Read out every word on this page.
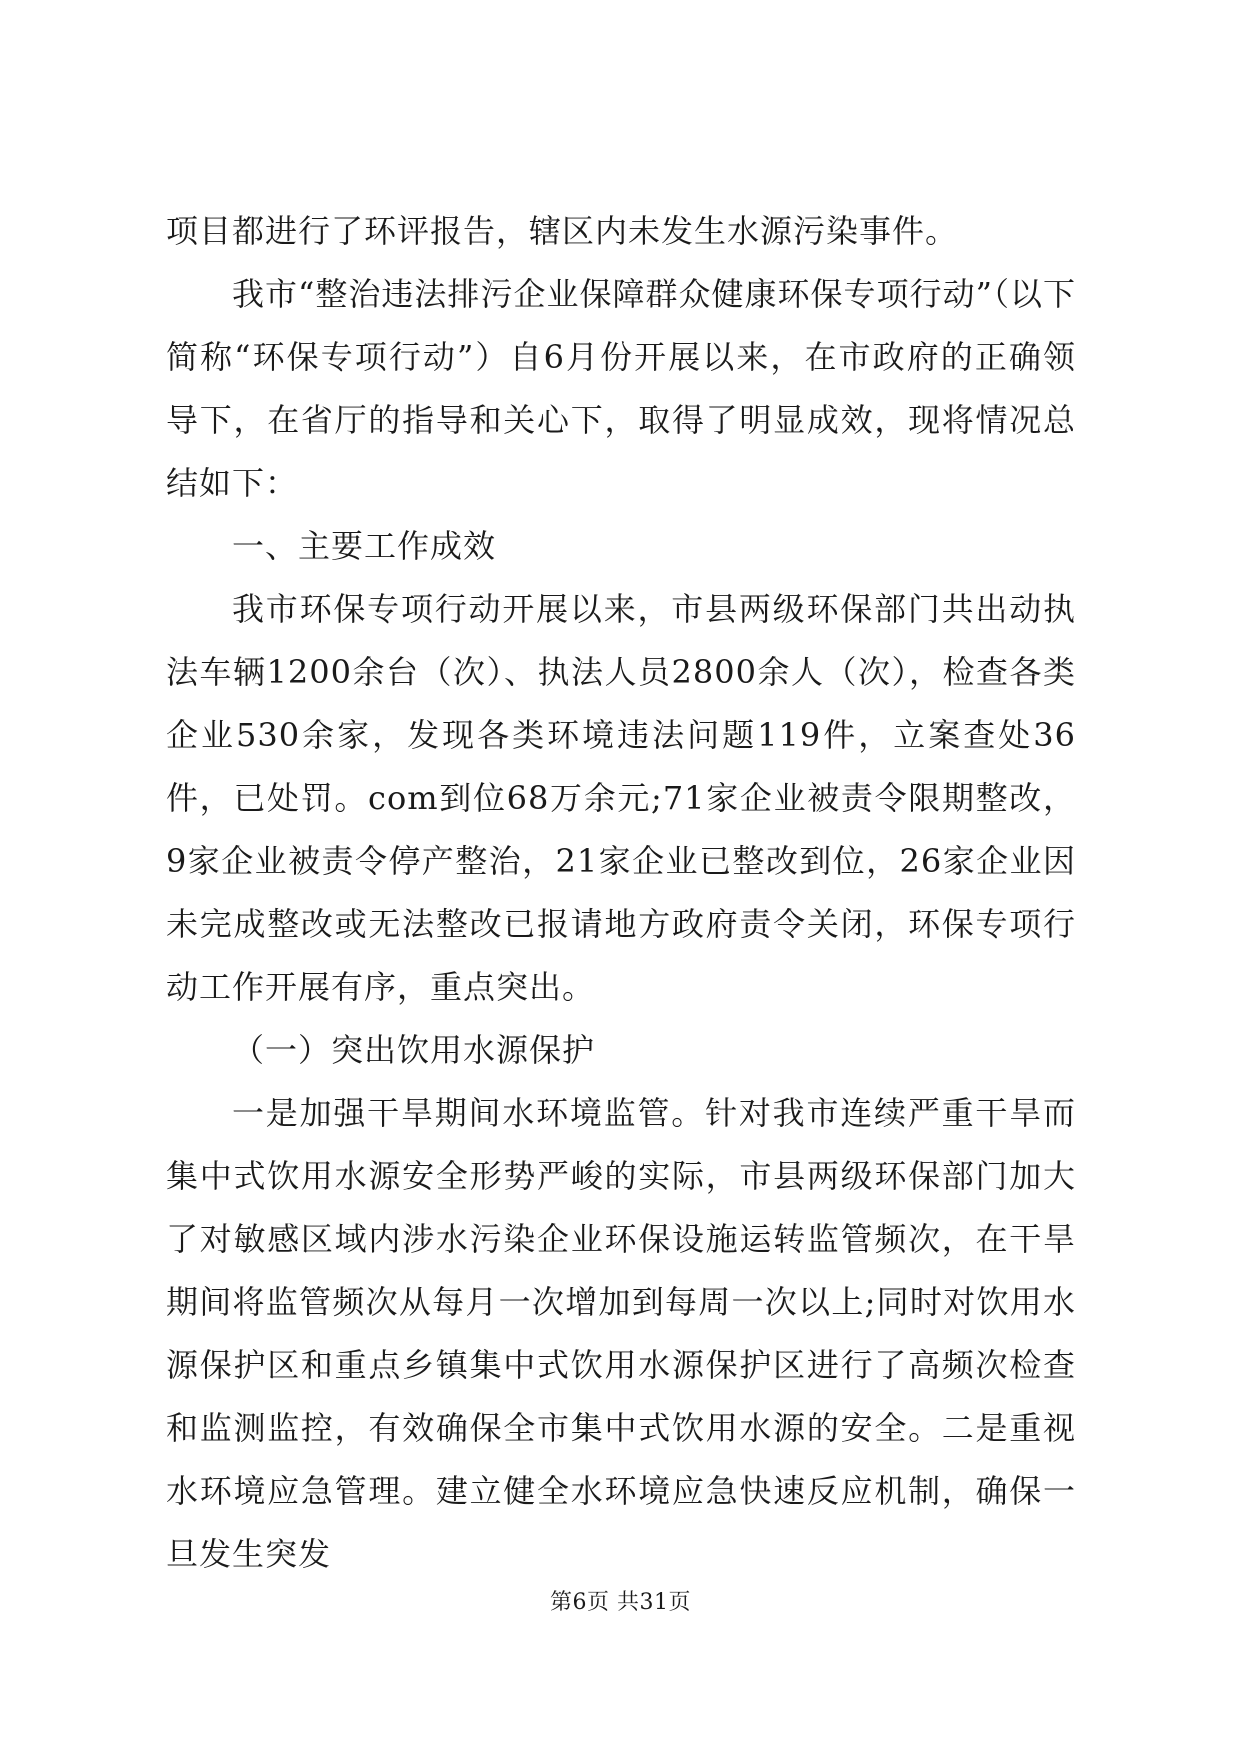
项目都进行了环评报告，辖区内未发生水源污染事件。

我市“整治违法排污企业保障群众健康环保专项行动”（以下简称“环保专项行动”）自6月份开展以来，在市政府的正确领导下，在省厅的指导和关心下，取得了明显成效，现将情况总结如下：

一、主要工作成效

我市环保专项行动开展以来，市县两级环保部门共出动执法车辆1200余台（次）、执法人员2800余人（次），检查各类企业530余家，发现各类环境违法问题119件，立案查处36件，已处罚。com到位68万余元;71家企业被责令限期整改，9家企业被责令停产整治，21家企业已整改到位，26家企业因未完成整改或无法整改已报请地方政府责令关闭，环保专项行动工作开展有序，重点突出。

（一）突出饮用水源保护

一是加强干旱期间水环境监管。针对我市连续严重干旱而集中式饮用水源安全形势严峻的实际，市县两级环保部门加大了对敏感区域内涉水污染企业环保设施运转监管频次，在干旱期间将监管频次从每月一次增加到每周一次以上;同时对饮用水源保护区和重点乡镇集中式饮用水源保护区进行了高频次检查和监测监控，有效确保全市集中式饮用水源的安全。二是重视水环境应急管理。建立健全水环境应急快速反应机制，确保一旦发生突发

第6页 共31页
